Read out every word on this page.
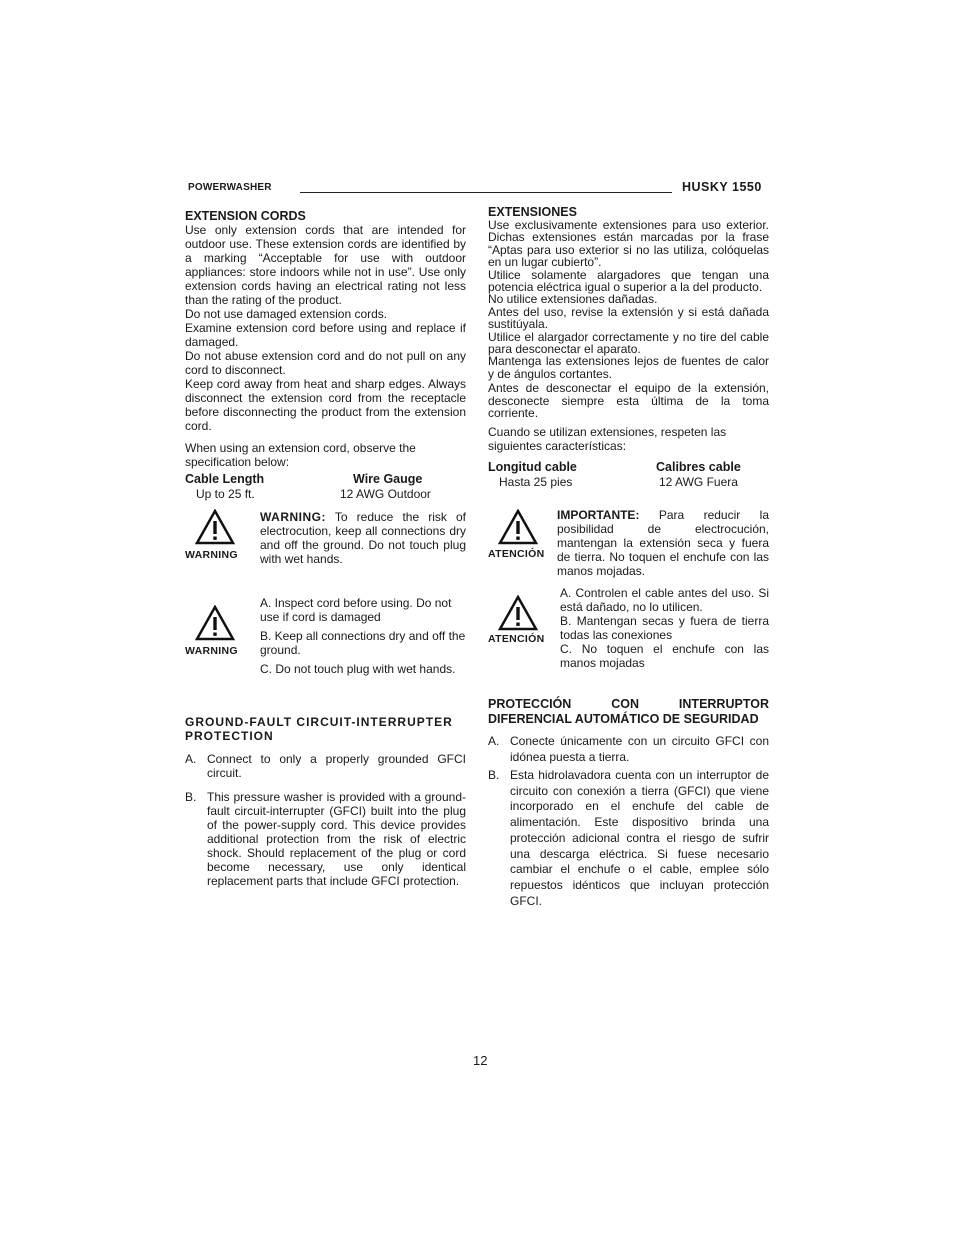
POWERWASHER	HUSKY 1550

EXTENSION CORDS

Use only extension cords that are intended for outdoor use. These extension cords are identified by a marking “Acceptable for use with outdoor appliances: store indoors while not in use”. Use only extension cords having an electrical rating not less than the rating of the product.

Do not use damaged extension cords.

Examine extension cord before using and replace if damaged.

Do not abuse extension cord and do not pull on any cord to disconnect.

Keep cord away from heat and sharp edges. Always disconnect the extension cord from the receptacle before disconnecting the product from the extension cord.

When using an extension cord, observe the specification below:
Cable Length	Wire Gauge
Up to 25 ft.	12 AWG Outdoor
WARNING
WARNING: To reduce the risk of electrocution, keep all connections dry and off the ground. Do not touch plug with wet hands.
WARNING

A. Inspect cord before using. Do not use if cord is damaged

B. Keep all connections dry and off the ground.

C. Do not touch plug with wet hands.

GROUND-FAULT CIRCUIT-INTERRUPTER PROTECTION
A. Connect to only a properly grounded GFCI circuit.
B. This pressure washer is provided with a ground-fault circuit-interrupter (GFCI) built into the plug of the power-supply cord. This device provides additional protection from the risk of electric shock. Should replacement of the plug or cord become necessary, use only identical replacement parts that include GFCI protection.

EXTENSIONES

Use exclusivamente extensiones para uso exterior. Dichas extensiones están marcadas por la frase “Aptas para uso exterior si no las utiliza, colóquelas en un lugar cubierto”.

Utilice solamente alargadores que tengan una potencia eléctrica igual o superior a la del producto.

No utilice extensiones dañadas.

Antes del uso, revise la extensión y si está dañada sustitúyala.

Utilice el alargador correctamente y no tire del cable para desconectar el aparato.

Mantenga las extensiones lejos de fuentes de calor y de ángulos cortantes.

Antes de desconectar el equipo de la extensión, desconecte siempre esta última de la toma corriente.

Cuando se utilizan extensiones, respeten las siguientes características:
Longitud cable	Calibres cable
Hasta 25 pies	12 AWG Fuera
ATENCIÓN
IMPORTANTE: Para reducir la posibilidad de electrocución, mantengan la extensión seca y fuera de tierra. No toquen el enchufe con las manos mojadas.
ATENCIÓN

A. Controlen el cable antes del uso. Si está dañado, no lo utilicen.

B. Mantengan secas y fuera de tierra todas las conexiones

C. No toquen el enchufe con las manos mojadas

PROTECCIÓN CON INTERRUPTOR DIFERENCIAL AUTOMÁTICO DE SEGURIDAD
A. Conecte únicamente con un circuito GFCI con idónea puesta a tierra.
B. Esta hidrolavadora cuenta con un interruptor de circuito con conexión a tierra (GFCI) que viene incorporado en el enchufe del cable de alimentación. Este dispositivo brinda una protección adicional contra el riesgo de sufrir una descarga eléctrica. Si fuese necesario cambiar el enchufe o el cable, emplee sólo repuestos idénticos que incluyan protección GFCI.
12
